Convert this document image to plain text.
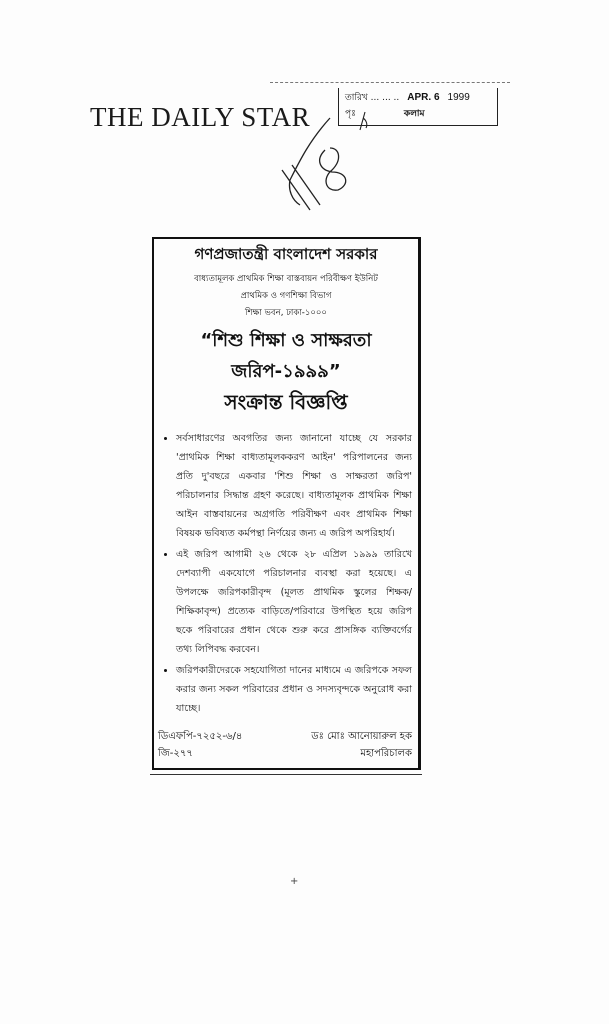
THE DAILY STAR
তারিখ ... ... .. APR. 6 1999
পৃঃ	কলাম
গণপ্রজাতন্ত্রী বাংলাদেশ সরকার
বাধ্যতামূলক প্রাথমিক শিক্ষা বাস্তবায়ন পরিবীক্ষণ ইউনিট
প্রাথমিক ও গণশিক্ষা বিভাগ
শিক্ষা ভবন, ঢাকা-১০০০
“শিশু শিক্ষা ও সাক্ষরতা জরিপ-১৯৯৯”
সংক্রান্ত বিজ্ঞপ্তি
• সর্বসাধারণের অবগতির জন্য জানানো যাচ্ছে যে সরকার 'প্রাথমিক শিক্ষা বাধ্যতামূলককরণ আইন' পরিপালনের জন্য প্রতি দু'বছরে একবার 'শিশু শিক্ষা ও সাক্ষরতা জরিপ' পরিচালনার সিদ্ধান্ত গ্রহণ করেছে। বাধ্যতামূলক প্রাথমিক শিক্ষা আইন বাস্তবায়নের অগ্রগতি পরিবীক্ষণ এবং প্রাথমিক শিক্ষা বিষয়ক ভবিষ্যত কর্মপন্থা নির্ণয়ের জন্য এ জরিপ অপরিহার্য।
• এই জরিপ আগামী ২৬ থেকে ২৮ এপ্রিল ১৯৯৯ তারিখে দেশব্যাপী একযোগে পরিচালনার ব্যবস্থা করা হয়েছে। এ উপলক্ষে জরিপকারীবৃন্দ (মূলত প্রাথমিক স্কুলের শিক্ষক/শিক্ষিকাবৃন্দ) প্রত্যেক বাড়িতে/পরিবারে উপস্থিত হয়ে জরিপ ছকে পরিবারের প্রধান থেকে শুরু করে প্রাসঙ্গিক ব্যক্তিবর্গের তথ্য লিপিবদ্ধ করবেন।
• জরিপকারীদেরকে সহযোগিতা দানের মাধ্যমে এ জরিপকে সফল করার জন্য সকল পরিবারের প্রধান ও সদস্যবৃন্দকে অনুরোধ করা যাচ্ছে।
ডিএফপি-৭২৫২-৬/৪
জি-২৭৭
ডঃ মোঃ আনোয়ারুল হক
মহাপরিচালক
+
